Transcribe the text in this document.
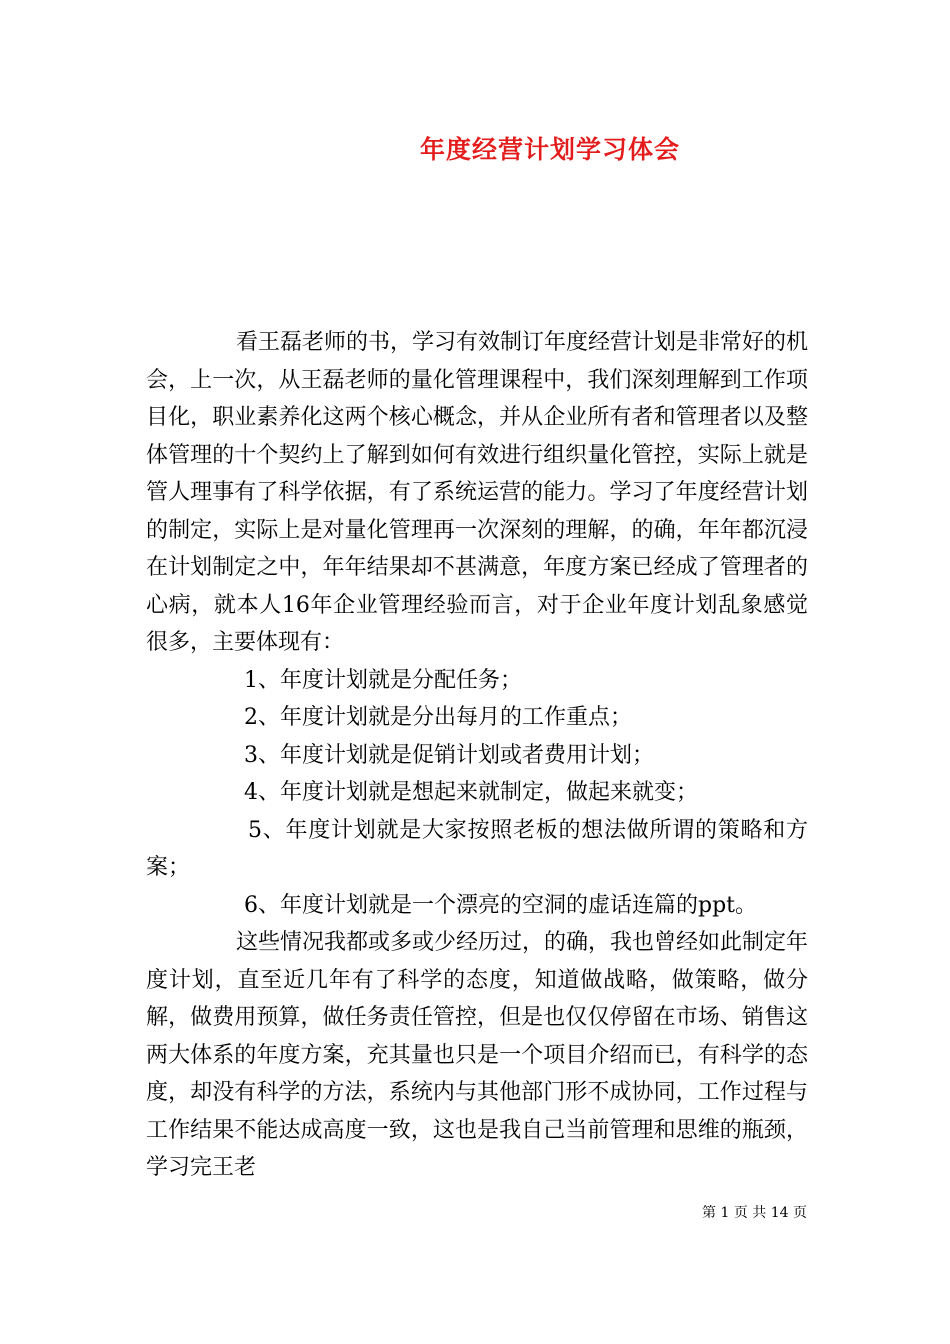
年度经营计划学习体会

看王磊老师的书，学习有效制订年度经营计划是非常好的机会，上一次，从王磊老师的量化管理课程中，我们深刻理解到工作项目化，职业素养化这两个核心概念，并从企业所有者和管理者以及整体管理的十个契约上了解到如何有效进行组织量化管控，实际上就是管人理事有了科学依据，有了系统运营的能力。学习了年度经营计划的制定，实际上是对量化管理再一次深刻的理解，的确，年年都沉浸在计划制定之中，年年结果却不甚满意，年度方案已经成了管理者的心病，就本人16年企业管理经验而言，对于企业年度计划乱象感觉很多，主要体现有：

1、年度计划就是分配任务；

2、年度计划就是分出每月的工作重点；

3、年度计划就是促销计划或者费用计划；

4、年度计划就是想起来就制定，做起来就变；

5、年度计划就是大家按照老板的想法做所谓的策略和方案；

6、年度计划就是一个漂亮的空洞的虚话连篇的ppt。

这些情况我都或多或少经历过，的确，我也曾经如此制定年度计划，直至近几年有了科学的态度，知道做战略，做策略，做分解，做费用预算，做任务责任管控，但是也仅仅停留在市场、销售这两大体系的年度方案，充其量也只是一个项目介绍而已，有科学的态度，却没有科学的方法，系统内与其他部门形不成协同，工作过程与工作结果不能达成高度一致，这也是我自己当前管理和思维的瓶颈，学习完王老

第 1 页 共 14 页
